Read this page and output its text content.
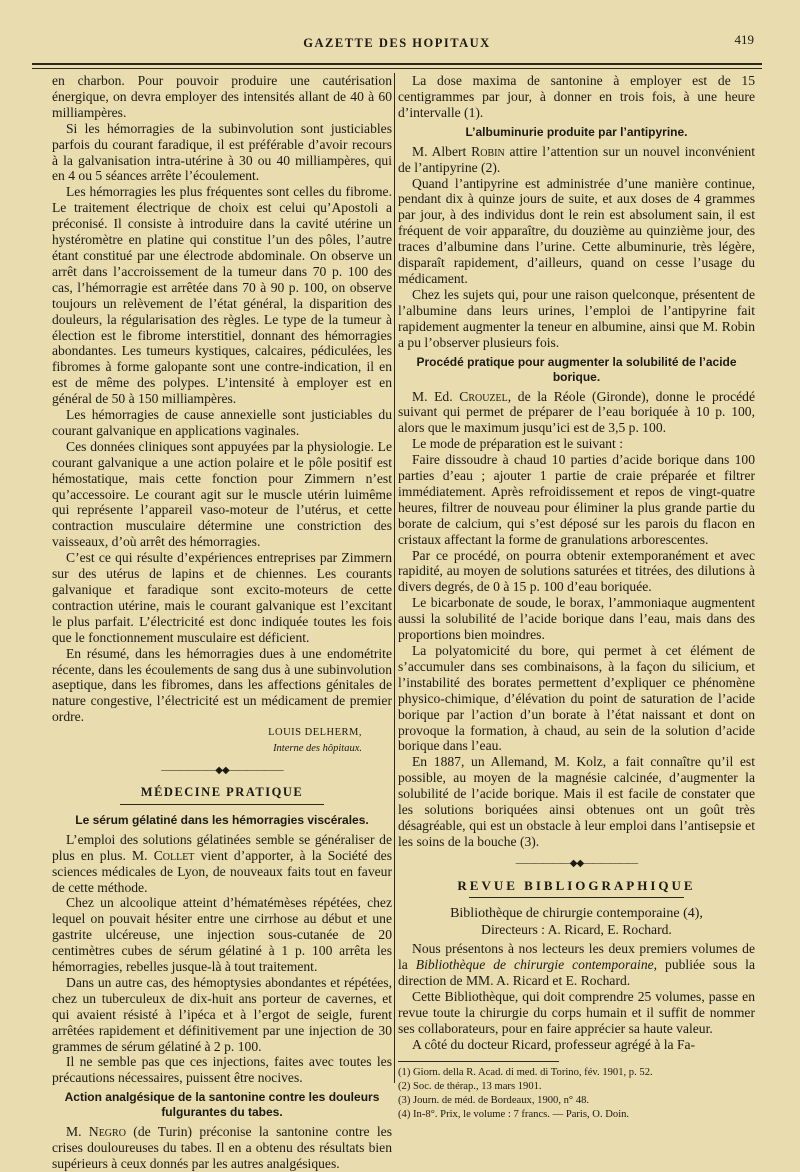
GAZETTE DES HOPITAUX	419

en charbon. Pour pouvoir produire une cautérisation énergique, on devra employer des intensités allant de 40 à 60 milliampères.

Si les hémorragies de la subinvolution sont justiciables parfois du courant faradique, il est préférable d’avoir recours à la galvanisation intra-utérine à 30 ou 40 milliampères, qui en 4 ou 5 séances arrête l’écoulement.

Les hémorragies les plus fréquentes sont celles du fibrome. Le traitement électrique de choix est celui qu’Apostoli a préconisé. Il consiste à introduire dans la cavité utérine un hystéromètre en platine qui constitue l’un des pôles, l’autre étant constitué par une électrode abdominale. On observe un arrêt dans l’accroissement de la tumeur dans 70 p. 100 des cas, l’hémorragie est arrêtée dans 70 à 90 p. 100, on observe toujours un relèvement de l’état général, la disparition des douleurs, la régularisation des règles. Le type de la tumeur à élection est le fibrome interstitiel, donnant des hémorragies abondantes. Les tumeurs kystiques, calcaires, pédiculées, les fibromes à forme galopante sont une contre-indication, il en est de même des polypes. L’intensité à employer est en général de 50 à 150 milliampères.

Les hémorragies de cause annexielle sont justiciables du courant galvanique en applications vaginales.

Ces données cliniques sont appuyées par la physiologie. Le courant galvanique a une action polaire et le pôle positif est hémostatique, mais cette fonction pour Zimmern n’est qu’accessoire. Le courant agit sur le muscle utérin luimême qui représente l’appareil vaso-moteur de l’utérus, et cette contraction musculaire détermine une constriction des vaisseaux, d’où arrêt des hémorragies.

C’est ce qui résulte d’expériences entreprises par Zimmern sur des utérus de lapins et de chiennes. Les courants galvanique et faradique sont excito-moteurs de cette contraction utérine, mais le courant galvanique est l’excitant le plus parfait. L’électricité est donc indiquée toutes les fois que le fonctionnement musculaire est déficient.

En résumé, dans les hémorragies dues à une endométrite récente, dans les écoulements de sang dus à une subinvolution aseptique, dans les fibromes, dans les affections génitales de nature congestive, l’électricité est un médicament de premier ordre.

LOUIS DELHERM,
Interne des hôpitaux.
——————◆◆——————
MÉDECINE PRATIQUE
Le sérum gélatiné dans les hémorragies viscérales.

L’emploi des solutions gélatinées semble se généraliser de plus en plus. M. Collet vient d’apporter, à la Société des sciences médicales de Lyon, de nouveaux faits tout en faveur de cette méthode.

Chez un alcoolique atteint d’hématémèses répétées, chez lequel on pouvait hésiter entre une cirrhose au début et une gastrite ulcéreuse, une injection sous-cutanée de 20 centimètres cubes de sérum gélatiné à 1 p. 100 arrêta les hémorragies, rebelles jusque-là à tout traitement.

Dans un autre cas, des hémoptysies abondantes et répétées, chez un tuberculeux de dix-huit ans porteur de cavernes, et qui avaient résisté à l’ipéca et à l’ergot de seigle, furent arrêtées rapidement et définitivement par une injection de 30 grammes de sérum gélatiné à 2 p. 100.

Il ne semble pas que ces injections, faites avec toutes les précautions nécessaires, puissent être nocives.

Action analgésique de la santonine contre les douleurs fulgurantes du tabes.

M. Negro (de Turin) préconise la santonine contre les crises douloureuses du tabes. Il en a obtenu des résultats bien supérieurs à ceux donnés par les autres analgésiques.

La dose maxima de santonine à employer est de 15 centigrammes par jour, à donner en trois fois, à une heure d’intervalle (1).

L’albuminurie produite par l’antipyrine.

M. Albert Robin attire l’attention sur un nouvel inconvénient de l’antipyrine (2).

Quand l’antipyrine est administrée d’une manière continue, pendant dix à quinze jours de suite, et aux doses de 4 grammes par jour, à des individus dont le rein est absolument sain, il est fréquent de voir apparaître, du douzième au quinzième jour, des traces d’albumine dans l’urine. Cette albuminurie, très légère, disparaît rapidement, d’ailleurs, quand on cesse l’usage du médicament.

Chez les sujets qui, pour une raison quelconque, présentent de l’albumine dans leurs urines, l’emploi de l’antipyrine fait rapidement augmenter la teneur en albumine, ainsi que M. Robin a pu l’observer plusieurs fois.

Procédé pratique pour augmenter la solubilité de l’acide borique.

M. Ed. Crouzel, de la Réole (Gironde), donne le procédé suivant qui permet de préparer de l’eau boriquée à 10 p. 100, alors que le maximum jusqu’ici est de 3,5 p. 100.

Le mode de préparation est le suivant :

Faire dissoudre à chaud 10 parties d’acide borique dans 100 parties d’eau ; ajouter 1 partie de craie préparée et filtrer immédiatement. Après refroidissement et repos de vingt-quatre heures, filtrer de nouveau pour éliminer la plus grande partie du borate de calcium, qui s’est déposé sur les parois du flacon en cristaux affectant la forme de granulations arborescentes.

Par ce procédé, on pourra obtenir extemporanément et avec rapidité, au moyen de solutions saturées et titrées, des dilutions à divers degrés, de 0 à 15 p. 100 d’eau boriquée.

Le bicarbonate de soude, le borax, l’ammoniaque augmentent aussi la solubilité de l’acide borique dans l’eau, mais dans des proportions bien moindres.

La polyatomicité du bore, qui permet à cet élément de s’accumuler dans ses combinaisons, à la façon du silicium, et l’instabilité des borates permettent d’expliquer ce phénomène physico-chimique, d’élévation du point de saturation de l’acide borique par l’action d’un borate à l’état naissant et dont on provoque la formation, à chaud, au sein de la solution d’acide borique dans l’eau.

En 1887, un Allemand, M. Kolz, a fait connaître qu’il est possible, au moyen de la magnésie calcinée, d’augmenter la solubilité de l’acide borique. Mais il est facile de constater que les solutions boriquées ainsi obtenues ont un goût très désagréable, qui est un obstacle à leur emploi dans l’antisepsie et les soins de la bouche (3).

——————◆◆——————
REVUE BIBLIOGRAPHIQUE
Bibliothèque de chirurgie contemporaine (4),
Directeurs : A. Ricard, E. Rochard.

Nous présentons à nos lecteurs les deux premiers volumes de la Bibliothèque de chirurgie contemporaine, publiée sous la direction de MM. A. Ricard et E. Rochard.

Cette Bibliothèque, qui doit comprendre 25 volumes, passe en revue toute la chirurgie du corps humain et il suffit de nommer ses collaborateurs, pour en faire apprécier sa haute valeur.

A côté du docteur Ricard, professeur agrégé à la Fa-

(1) Giorn. della R. Acad. di med. di Torino, fév. 1901, p. 52.
(2) Soc. de thérap., 13 mars 1901.
(3) Journ. de méd. de Bordeaux, 1900, n° 48.
(4) In-8°. Prix, le volume : 7 francs. — Paris, O. Doin.
